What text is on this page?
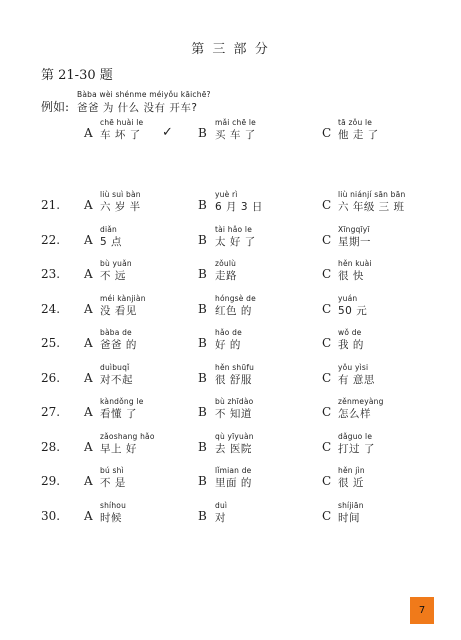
第 三 部 分
第 21-30 题
Bàba wèi shénme méiyǒu kāichē?
例如: 爸爸 为 什么 没有 开车?
chē huài le
A 车 坏 了 ✓
mǎi chē le
B 买 车 了
tā zǒu le
C 他 走 了
21.
liù suì bàn
A 六 岁 半
yuè rì
B 6 月 3 日
liù niánjí sān bān
C 六 年级 三 班
22.
diǎn
A 5 点
tài hǎo le
B 太 好 了
Xīngqīyī
C 星期一
23.
bù yuǎn
A 不 远
zǒulù
B 走路
hěn kuài
C 很 快
24.
méi kànjiàn
A 没 看见
hóngsè de
B 红色 的
yuán
C 50 元
25.
bàba de
A 爸爸 的
hǎo de
B 好 的
wǒ de
C 我 的
26.
duìbuqǐ
A 对不起
hěn shūfu
B 很 舒服
yǒu yìsi
C 有 意思
27.
kàndǒng le
A 看懂 了
bù zhīdào
B 不 知道
zěnmeyàng
C 怎么样
28.
zǎoshang hǎo
A 早上 好
qù yīyuàn
B 去 医院
dǎguo le
C 打过 了
29.
bú shì
A 不 是
lǐmian de
B 里面 的
hěn jìn
C 很 近
30.
shíhou
A 时候
duì
B 对
shíjiān
C 时间
7
